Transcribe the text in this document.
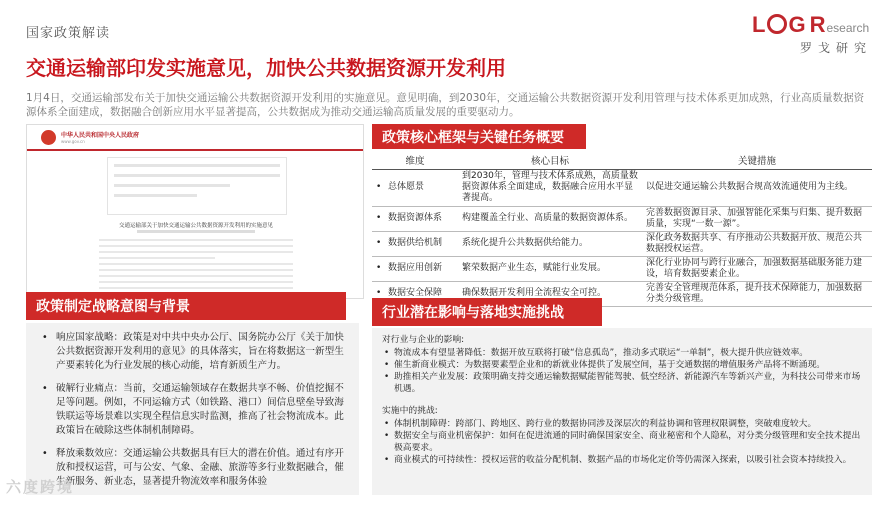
国家政策解读	L G Research
罗戈研究
交通运输部印发实施意见，加快公共数据资源开发利用
1月4日，交通运输部发布关于加快交通运输公共数据资源开发利用的实施意见。意见明确，到2030年，交通运输公共数据资源开发利用管理与技术体系更加成熟，行业高质量数据资源体系全面建成，数据融合创新应用水平显著提高，公共数据成为推动交通运输高质量发展的重要驱动力。
中华人民共和国中央人民政府
www.gov.cn
交通运输部关于加快交通运输公共数据资源开发利用的实施意见
政策制定战略意图与背景
• 响应国家战略：政策是对中共中央办公厅、国务院办公厅《关于加快公共数据资源开发利用的意见》的具体落实，旨在将数据这一新型生产要素转化为行业发展的核心动能，培育新质生产力。
• 破解行业痛点：当前，交通运输领域存在数据共享不畅、价值挖掘不足等问题。例如，不同运输方式（如铁路、港口）间信息壁垒导致海铁联运等场景难以实现全程信息实时监测，推高了社会物流成本。此政策旨在破除这些体制机制障碍。
• 释放乘数效应：交通运输公共数据具有巨大的潜在价值。通过有序开放和授权运营，可与公安、气象、金融、旅游等多行业数据融合，催生新服务、新业态，显著提升物流效率和服务体验
政策核心框架与关键任务概要
维度	核心目标	关键措施
• 总体愿景	到2030年，管理与技术体系成熟，高质量数据资源体系全面建成，数据融合应用水平显著提高。	以促进交通运输公共数据合规高效流通使用为主线。
• 数据资源体系	构建覆盖全行业、高质量的数据资源体系。	完善数据资源目录、加强智能化采集与归集、提升数据质量，实现“一数一源”。
• 数据供给机制	系统化提升公共数据供给能力。	深化政务数据共享、有序推动公共数据开放、规范公共数据授权运营。
• 数据应用创新	繁荣数据产业生态，赋能行业发展。	深化行业协同与跨行业融合，加强数据基础服务能力建设，培育数据要素企业。
• 数据安全保障	确保数据开发利用全流程安全可控。	完善安全管理规范体系，提升技术保障能力，加强数据分类分级管理。
行业潜在影响与落地实施挑战
对行业与企业的影响:
• 物流成本有望显著降低：数据开放互联将打破“信息孤岛”，推动多式联运“一单制”，极大提升供应链效率。
• 催生新商业模式：为数据要素型企业和的新就业体提供了发展空间，基于交通数据的增值服务产品将不断涌现。
• 助推相关产业发展：政策明确支持交通运输数据赋能智能驾驶、低空经济、新能源汽车等新兴产业，为科技公司带来市场机遇。
实施中的挑战:
• 体制机制障碍：跨部门、跨地区、跨行业的数据协同涉及深层次的利益协调和管理权限调整，突破难度较大。
• 数据安全与商业机密保护：如何在促进流通的同时确保国家安全、商业秘密和个人隐私，对分类分级管理和安全技术提出极高要求。
• 商业模式的可持续性：授权运营的收益分配机制、数据产品的市场化定价等仍需深入探索，以吸引社会资本持续投入。
六度跨境
